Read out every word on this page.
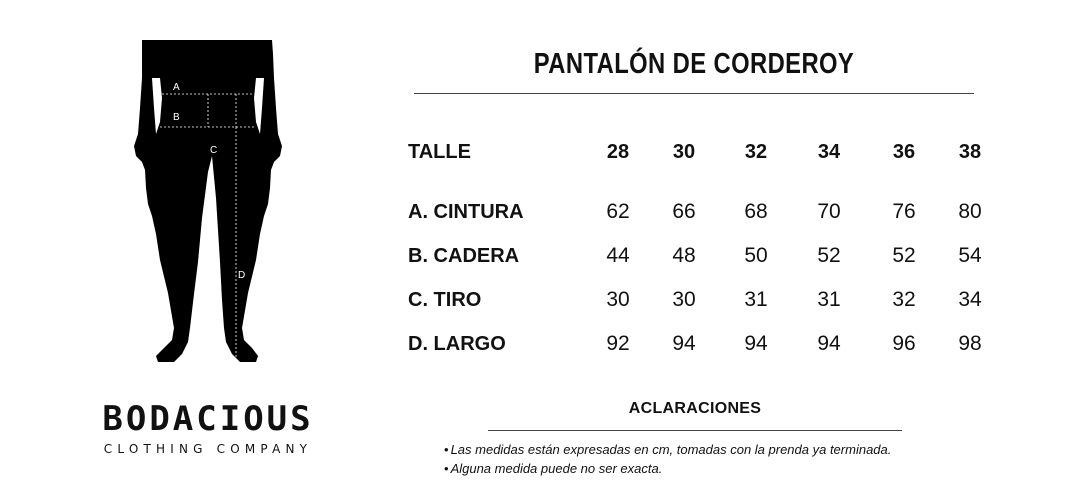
A
B
C
D
BODACIOUS
CLOTHING COMPANY
PANTALÓN DE CORDEROY
TALLE	28	30	32	34	36	38

A. CINTURA	62	66	68	70	76	80
B. CADERA	44	48	50	52	52	54
C. TIRO	30	30	31	31	32	34
D. LARGO	92	94	94	94	96	98
ACLARACIONES
• Las medidas están expresadas en cm, tomadas con la prenda ya terminada.
• Alguna medida puede no ser exacta.
